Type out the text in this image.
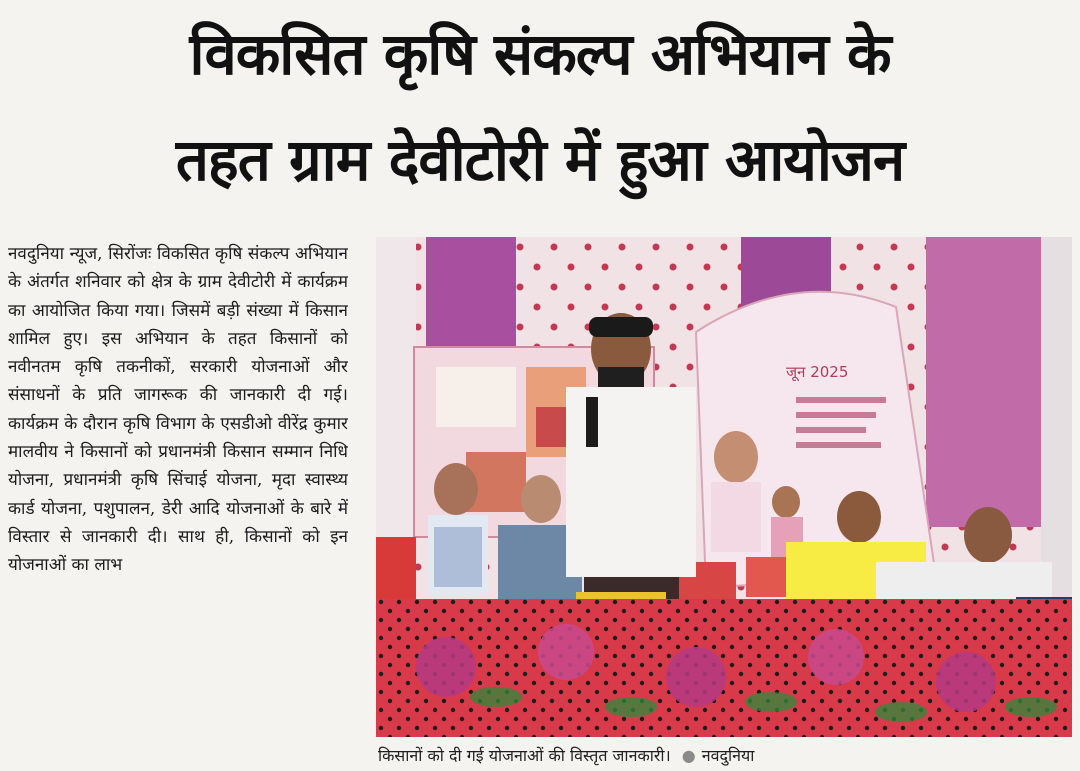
विकसित कृषि संकल्प अभियान के
तहत ग्राम देवीटोरी में हुआ आयोजन
नवदुनिया न्यूज, सिरोंजः विकसित कृषि संकल्प अभियान के अंतर्गत शनिवार को क्षेत्र के ग्राम देवीटोरी में कार्यक्रम का आयोजित किया गया। जिसमें बड़ी संख्या में किसान शामिल हुए। इस अभियान के तहत किसानों को नवीनतम कृषि तकनीकों, सरकारी योजनाओं और संसाधनों के प्रति जागरूक की जानकारी दी गई। कार्यक्रम के दौरान कृषि विभाग के एसडीओ वीरेंद्र कुमार मालवीय ने किसानों को प्रधानमंत्री किसान सम्मान निधि योजना, प्रधानमंत्री कृषि सिंचाई योजना, मृदा स्वास्थ्य कार्ड योजना, पशुपालन, डेरी आदि योजनाओं के बारे में विस्तार से जानकारी दी। साथ ही, किसानों को इन योजनाओं का लाभ
जून 2025
किसानों को दी गई योजनाओं की विस्तृत जानकारी। ● नवदुनिया
